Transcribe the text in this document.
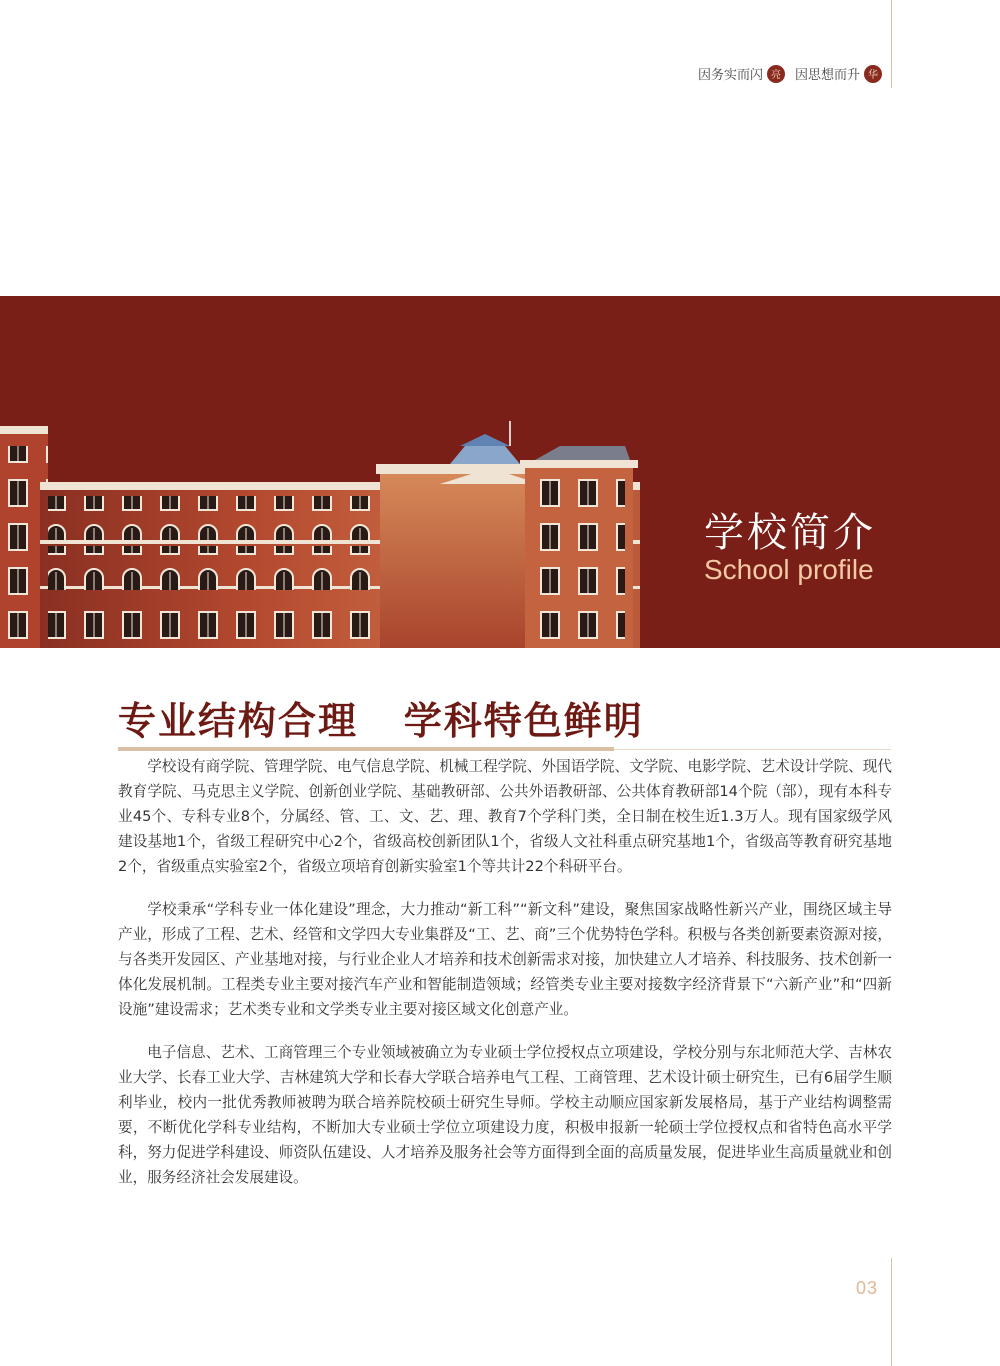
因务实而闪 亮	因思想而升 华
学校简介
School profile
专业结构合理   学科特色鲜明

学校设有商学院、管理学院、电气信息学院、机械工程学院、外国语学院、文学院、电影学院、艺术设计学院、现代教育学院、马克思主义学院、创新创业学院、基础教研部、公共外语教研部、公共体育教研部14个院（部），现有本科专业45个、专科专业8个，分属经、管、工、文、艺、理、教育7个学科门类，全日制在校生近1.3万人。现有国家级学风建设基地1个，省级工程研究中心2个，省级高校创新团队1个，省级人文社科重点研究基地1个，省级高等教育研究基地2个，省级重点实验室2个，省级立项培育创新实验室1个等共计22个科研平台。

学校秉承“学科专业一体化建设”理念，大力推动“新工科”“新文科”建设，聚焦国家战略性新兴产业，围绕区域主导产业，形成了工程、艺术、经管和文学四大专业集群及“工、艺、商”三个优势特色学科。积极与各类创新要素资源对接，与各类开发园区、产业基地对接，与行业企业人才培养和技术创新需求对接，加快建立人才培养、科技服务、技术创新一体化发展机制。工程类专业主要对接汽车产业和智能制造领域；经管类专业主要对接数字经济背景下“六新产业”和“四新设施”建设需求；艺术类专业和文学类专业主要对接区域文化创意产业。

电子信息、艺术、工商管理三个专业领域被确立为专业硕士学位授权点立项建设，学校分别与东北师范大学、吉林农业大学、长春工业大学、吉林建筑大学和长春大学联合培养电气工程、工商管理、艺术设计硕士研究生，已有6届学生顺利毕业，校内一批优秀教师被聘为联合培养院校硕士研究生导师。学校主动顺应国家新发展格局，基于产业结构调整需要，不断优化学科专业结构，不断加大专业硕士学位立项建设力度，积极申报新一轮硕士学位授权点和省特色高水平学科，努力促进学科建设、师资队伍建设、人才培养及服务社会等方面得到全面的高质量发展，促进毕业生高质量就业和创业，服务经济社会发展建设。

03
